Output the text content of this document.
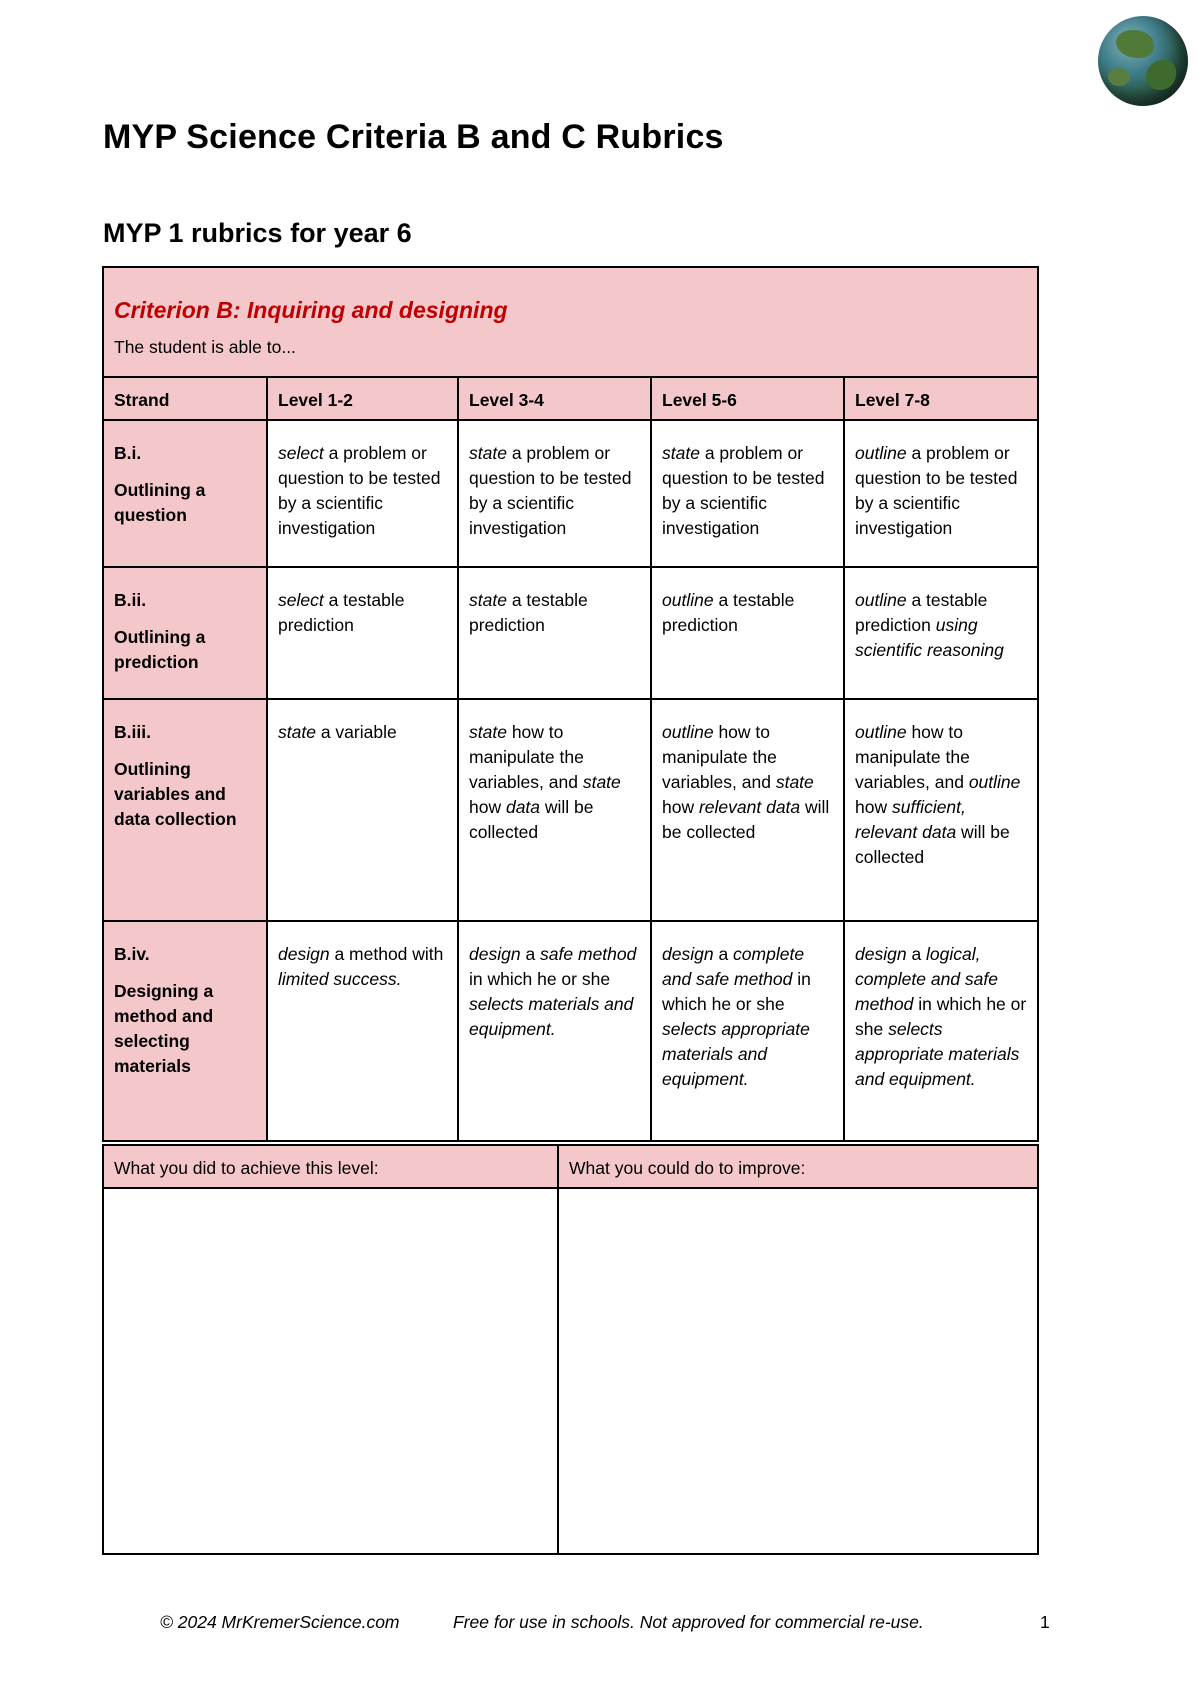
MYP Science Criteria B and C Rubrics
MYP 1 rubrics for year 6
Criterion B: Inquiring and designing
The student is able to...				
Strand	Level 1-2	Level 3-4	Level 5-6	Level 7-8

B.i.
Outlining a question	select a problem or question to be tested by a scientific investigation	state a problem or question to be tested by a scientific investigation	state a problem or question to be tested by a scientific investigation	outline a problem or question to be tested by a scientific investigation

B.ii.
Outlining a prediction	select a testable prediction	state a testable prediction	outline a testable prediction	outline a testable prediction using scientific reasoning

B.iii.
Outlining variables and data collection	state a variable	state how to manipulate the variables, and state how data will be collected	outline how to manipulate the variables, and state how relevant data will be collected	outline how to manipulate the variables, and outline how sufficient, relevant data will be collected

B.iv.
Designing a method and selecting materials	design a method with limited success.	design a safe method in which he or she selects materials and equipment.	design a complete and safe method in which he or she selects appropriate materials and equipment.	design a logical, complete and safe method in which he or she selects appropriate materials and equipment.
What you did to achieve this level:	What you could do to improve:

© 2024 MrKremerScience.com	Free for use in schools. Not approved for commercial re-use.	1
